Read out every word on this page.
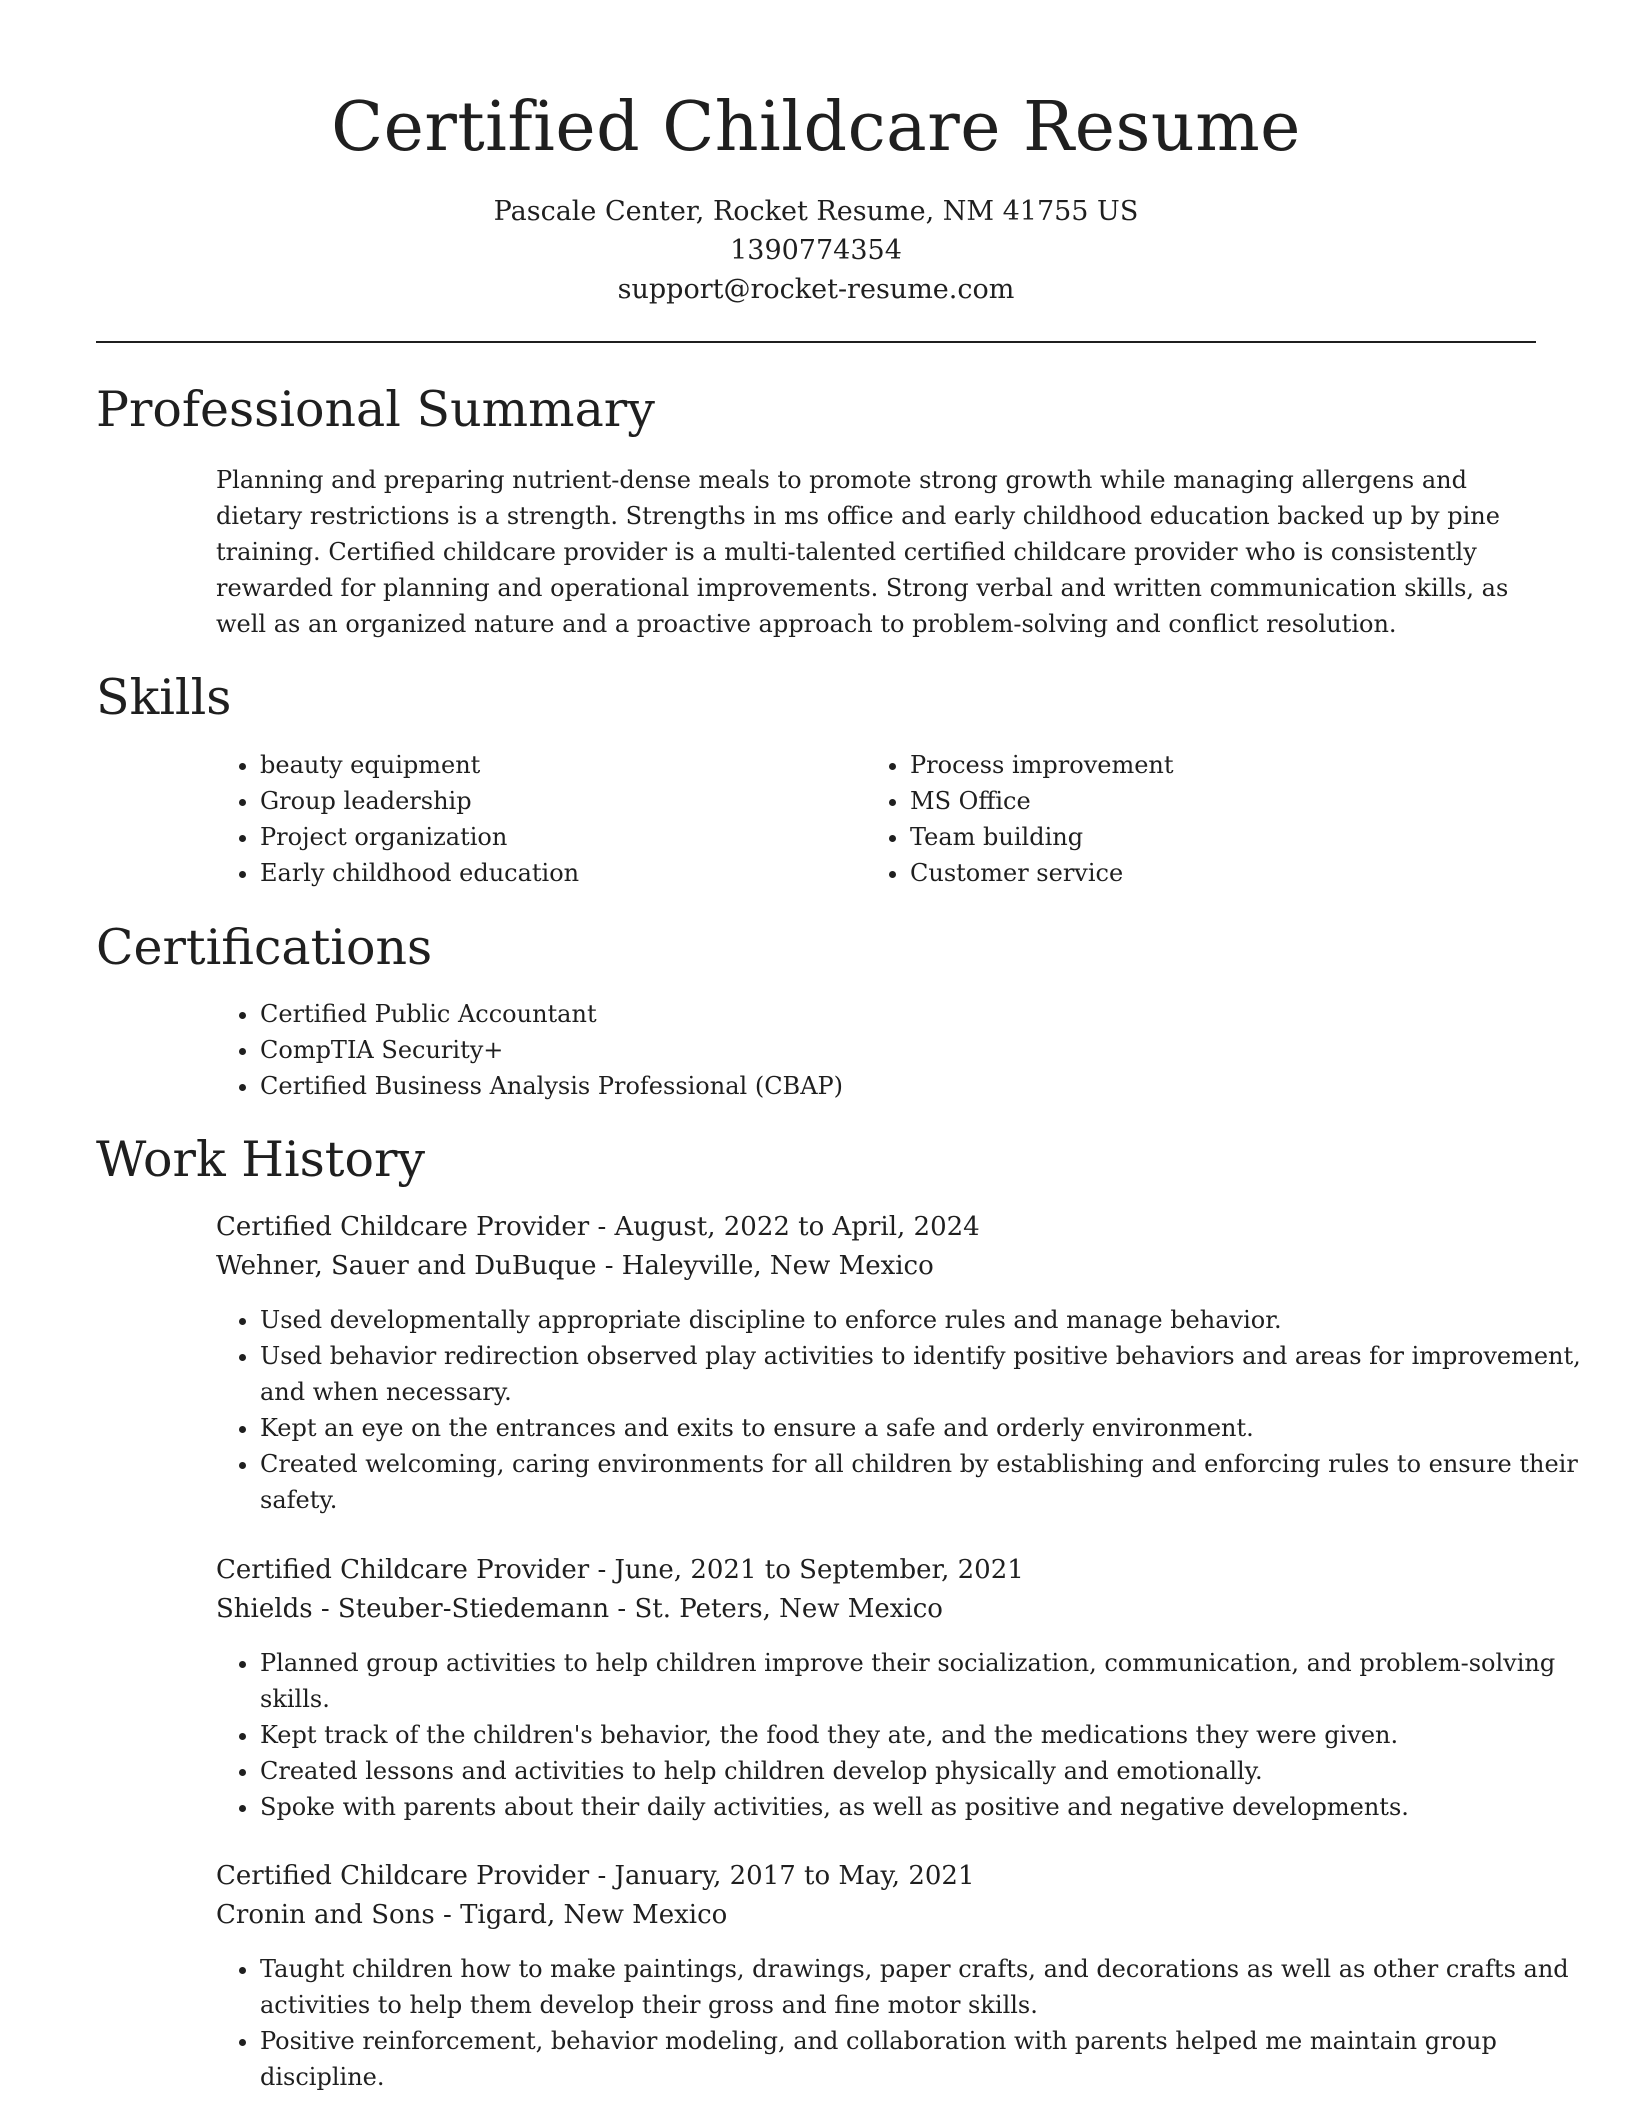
Certified Childcare Resume
Pascale Center, Rocket Resume, NM 41755 US
1390774354
support@rocket-resume.com
Professional Summary

Planning and preparing nutrient-dense meals to promote strong growth while managing allergens and dietary restrictions is a strength. Strengths in ms office and early childhood education backed up by pine training. Certified childcare provider is a multi-talented certified childcare provider who is consistently rewarded for planning and operational improvements. Strong verbal and written communication skills, as well as an organized nature and a proactive approach to problem-solving and conflict resolution.

Skills
• beauty equipment
• Group leadership
• Project organization
• Early childhood education
• Process improvement
• MS Office
• Team building
• Customer service
Certifications
• Certified Public Accountant
• CompTIA Security+
• Certified Business Analysis Professional (CBAP)
Work History
Certified Childcare Provider - August, 2022 to April, 2024
Wehner, Sauer and DuBuque - Haleyville, New Mexico
• Used developmentally appropriate discipline to enforce rules and manage behavior.
• Used behavior redirection observed play activities to identify positive behaviors and areas for improvement, and when necessary.
• Kept an eye on the entrances and exits to ensure a safe and orderly environment.
• Created welcoming, caring environments for all children by establishing and enforcing rules to ensure their safety.
Certified Childcare Provider - June, 2021 to September, 2021
Shields - Steuber-Stiedemann - St. Peters, New Mexico
• Planned group activities to help children improve their socialization, communication, and problem-solving skills.
• Kept track of the children's behavior, the food they ate, and the medications they were given.
• Created lessons and activities to help children develop physically and emotionally.
• Spoke with parents about their daily activities, as well as positive and negative developments.
Certified Childcare Provider - January, 2017 to May, 2021
Cronin and Sons - Tigard, New Mexico
• Taught children how to make paintings, drawings, paper crafts, and decorations as well as other crafts and activities to help them develop their gross and fine motor skills.
• Positive reinforcement, behavior modeling, and collaboration with parents helped me maintain group discipline.
